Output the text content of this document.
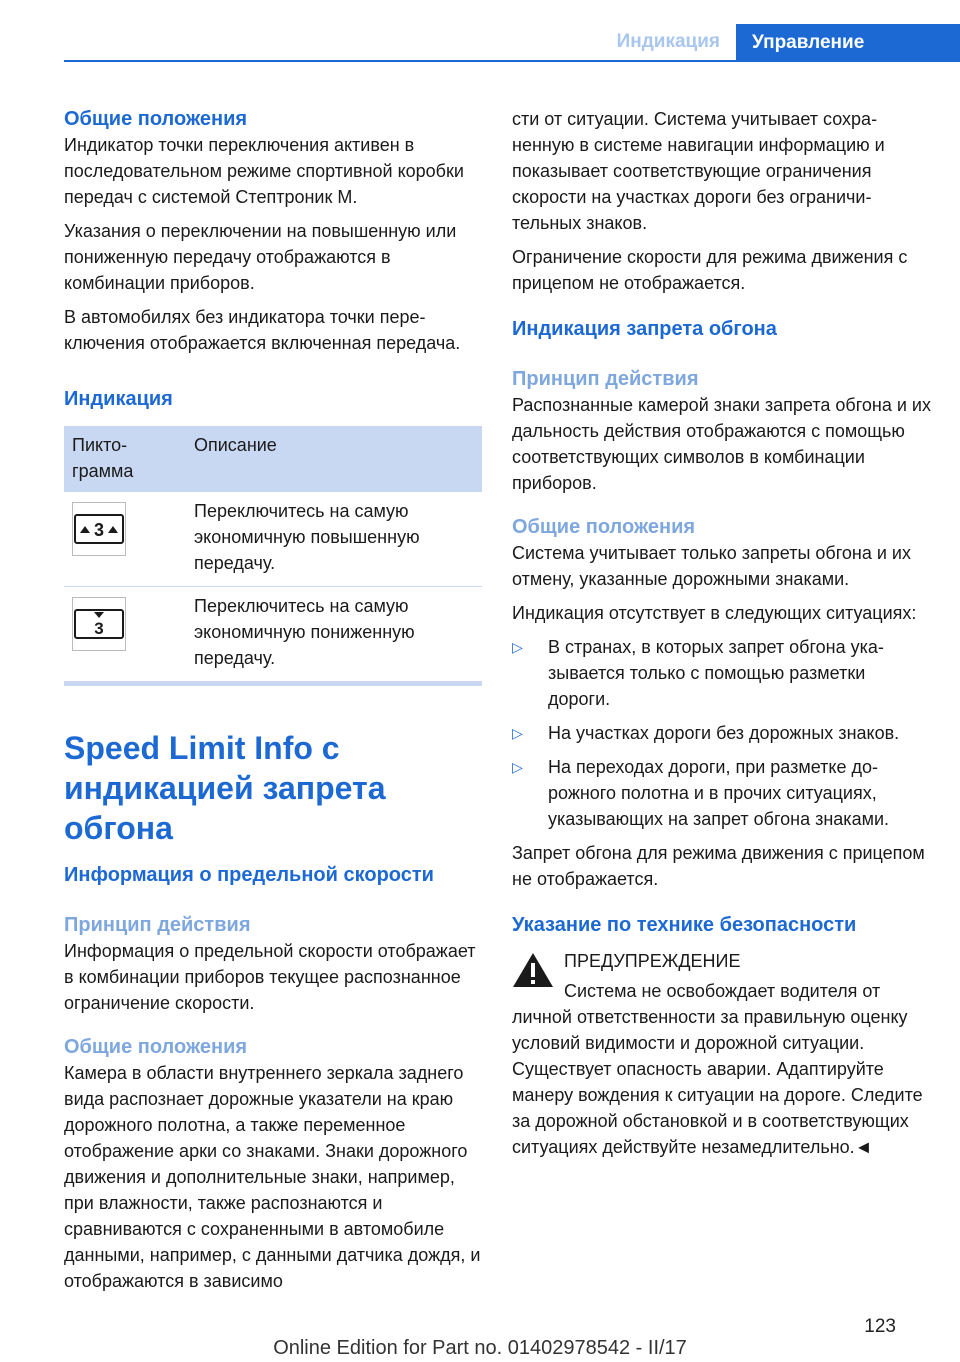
Индикация	Управление
Общие положения

Индикатор точки переключения активен в последовательном режиме спортивной коробки передач с системой Стептроник M.

Указания о переключении на повышенную или пониженную передачу отображаются в комбинации приборов.

В автомобилях без индикатора точки переключения отображается включенная передача.

Индикация
Пиктограмма	Описание

3	Переключитесь на самую экономичную повышенную передачу.

3	Переключитесь на самую экономичную пониженную передачу.
Speed Limit Info с индикацией запрета обгона
Информация о предельной скорости
Принцип действия

Информация о предельной скорости отображает в комбинации приборов текущее распознанное ограничение скорости.

Общие положения

Камера в области внутреннего зеркала заднего вида распознает дорожные указатели на краю дорожного полотна, а также переменное отображение арки со знаками. Знаки дорожного движения и дополнительные знаки, например, при влажности, также распознаются и сравниваются с сохраненными в автомобиле данными, например, с данными датчика дождя, и отображаются в зависимо

сти от ситуации. Система учитывает сохраненную в системе навигации информацию и показывает соответствующие ограничения скорости на участках дороги без ограничительных знаков.

Ограничение скорости для режима движения с прицепом не отображается.

Индикация запрета обгона
Принцип действия

Распознанные камерой знаки запрета обгона и их дальность действия отображаются с помощью соответствующих символов в комбинации приборов.

Общие положения

Система учитывает только запреты обгона и их отмену, указанные дорожными знаками.

Индикация отсутствует в следующих ситуациях:

▷ В странах, в которых запрет обгона указывается только с помощью разметки дороги.
▷ На участках дороги без дорожных знаков.
▷ На переходах дороги, при разметке дорожного полотна и в прочих ситуациях, указывающих на запрет обгона знаками.

Запрет обгона для режима движения с прицепом не отображается.

Указание по технике безопасности

ПРЕДУПРЕЖДЕНИЕ

Система не освобождает водителя от личной ответственности за правильную оценку условий видимости и дорожной ситуации. Существует опасность аварии. Адаптируйте манеру вождения к ситуации на дороге. Следите за дорожной обстановкой и в соответствующих ситуациях действуйте незамедлительно.◄

123
Online Edition for Part no. 01402978542 - II/17
